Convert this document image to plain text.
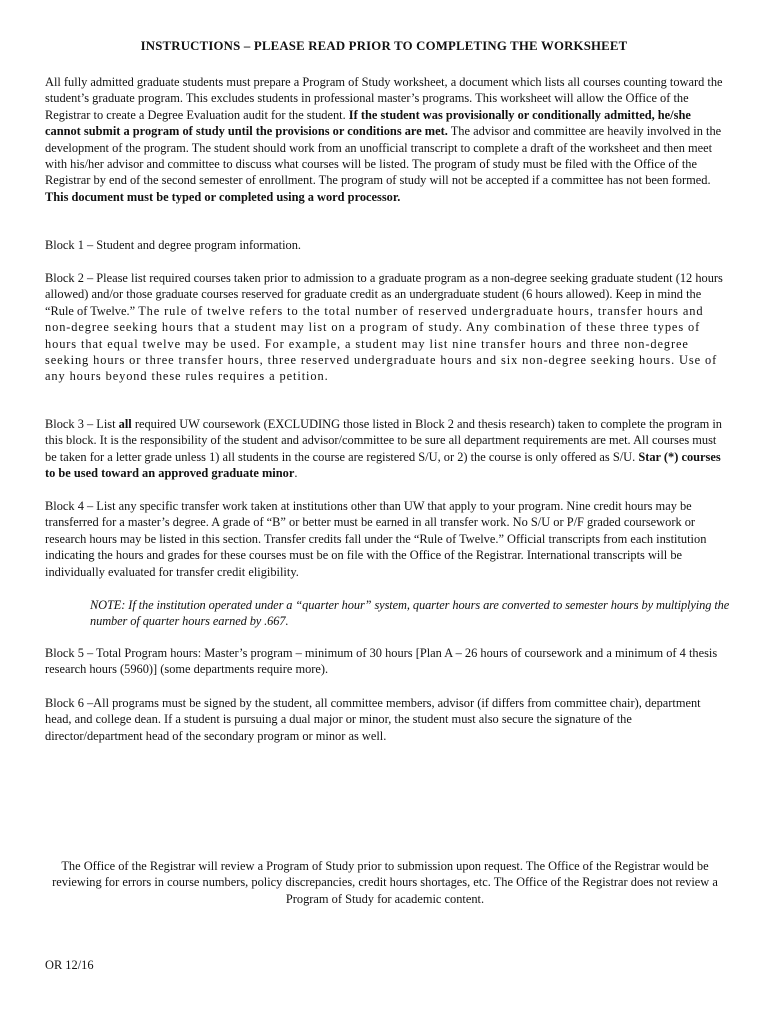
INSTRUCTIONS – PLEASE READ PRIOR TO COMPLETING THE WORKSHEET

All fully admitted graduate students must prepare a Program of Study worksheet, a document which lists all courses counting toward the student’s graduate program. This excludes students in professional master’s programs. This worksheet will allow the Office of the Registrar to create a Degree Evaluation audit for the student. If the student was provisionally or conditionally admitted, he/she cannot submit a program of study until the provisions or conditions are met. The advisor and committee are heavily involved in the development of the program. The student should work from an unofficial transcript to complete a draft of the worksheet and then meet with his/her advisor and committee to discuss what courses will be listed. The program of study must be filed with the Office of the Registrar by end of the second semester of enrollment. The program of study will not be accepted if a committee has not been formed. This document must be typed or completed using a word processor.

Block 1 – Student and degree program information.

Block 2 – Please list required courses taken prior to admission to a graduate program as a non-degree seeking graduate student (12 hours allowed) and/or those graduate courses reserved for graduate credit as an undergraduate student (6 hours allowed). Keep in mind the “Rule of Twelve.” The rule of twelve refers to the total number of reserved undergraduate hours, transfer hours and non-degree seeking hours that a student may list on a program of study. Any combination of these three types of hours that equal twelve may be used. For example, a student may list nine transfer hours and three non-degree seeking hours or three transfer hours, three reserved undergraduate hours and six non-degree seeking hours. Use of any hours beyond these rules requires a petition.

Block 3 – List all required UW coursework (EXCLUDING those listed in Block 2 and thesis research) taken to complete the program in this block. It is the responsibility of the student and advisor/committee to be sure all department requirements are met. All courses must be taken for a letter grade unless 1) all students in the course are registered S/U, or 2) the course is only offered as S/U. Star (*) courses to be used toward an approved graduate minor.

Block 4 – List any specific transfer work taken at institutions other than UW that apply to your program. Nine credit hours may be transferred for a master’s degree. A grade of “B” or better must be earned in all transfer work. No S/U or P/F graded coursework or research hours may be listed in this section. Transfer credits fall under the “Rule of Twelve.” Official transcripts from each institution indicating the hours and grades for these courses must be on file with the Office of the Registrar. International transcripts will be individually evaluated for transfer credit eligibility.

NOTE: If the institution operated under a “quarter hour” system, quarter hours are converted to semester hours by multiplying the number of quarter hours earned by .667.

Block 5 – Total Program hours: Master’s program – minimum of 30 hours [Plan A – 26 hours of coursework and a minimum of 4 thesis research hours (5960)] (some departments require more).

Block 6 –All programs must be signed by the student, all committee members, advisor (if differs from committee chair), department head, and college dean. If a student is pursuing a dual major or minor, the student must also secure the signature of the director/department head of the secondary program or minor as well.

The Office of the Registrar will review a Program of Study prior to submission upon request. The Office of the Registrar would be reviewing for errors in course numbers, policy discrepancies, credit hours shortages, etc. The Office of the Registrar does not review a Program of Study for academic content.

OR 12/16
